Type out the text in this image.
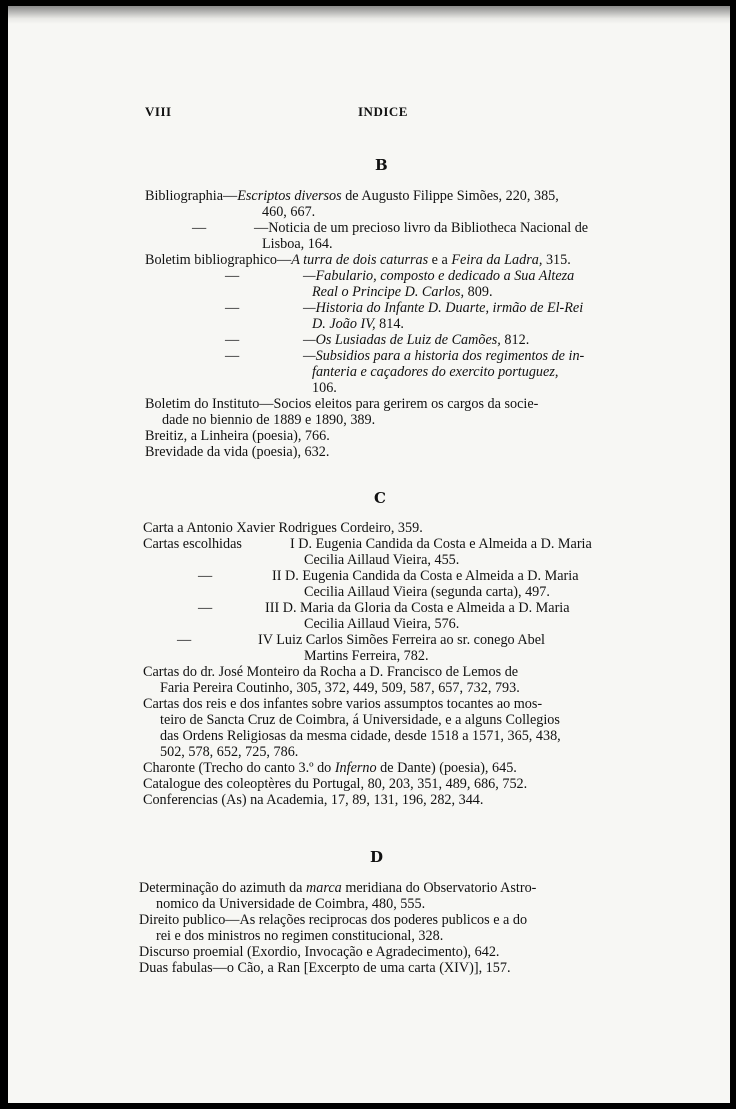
VIII	INDICE
B
Bibliographia—Escriptos diversos de Augusto Filippe Simões, 220, 385,
460, 667.
—	—Noticia de um precioso livro da Bibliotheca Nacional de
Lisboa, 164.
Boletim bibliographico—A turra de dois caturras e a Feira da Ladra, 315.
—	—Fabulario, composto e dedicado a Sua Alteza
Real o Principe D. Carlos, 809.
—	—Historia do Infante D. Duarte, irmão de El-Rei
D. João IV, 814.
—	—Os Lusiadas de Luiz de Camões, 812.
—	—Subsidios para a historia dos regimentos de in-
fanteria e caçadores do exercito portuguez,
106.
Boletim do Instituto—Socios eleitos para gerirem os cargos da socie-
dade no biennio de 1889 e 1890, 389.
Breitiz, a Linheira (poesia), 766.
Brevidade da vida (poesia), 632.
C
Carta a Antonio Xavier Rodrigues Cordeiro, 359.
Cartas escolhidas	I D. Eugenia Candida da Costa e Almeida a D. Maria
Cecilia Aillaud Vieira, 455.
—	II D. Eugenia Candida da Costa e Almeida a D. Maria
Cecilia Aillaud Vieira (segunda carta), 497.
—	III D. Maria da Gloria da Costa e Almeida a D. Maria
Cecilia Aillaud Vieira, 576.
—	IV Luiz Carlos Simões Ferreira ao sr. conego Abel
Martins Ferreira, 782.
Cartas do dr. José Monteiro da Rocha a D. Francisco de Lemos de
Faria Pereira Coutinho, 305, 372, 449, 509, 587, 657, 732, 793.
Cartas dos reis e dos infantes sobre varios assumptos tocantes ao mos-
teiro de Sancta Cruz de Coimbra, á Universidade, e a alguns Collegios
das Ordens Religiosas da mesma cidade, desde 1518 a 1571, 365, 438,
502, 578, 652, 725, 786.
Charonte (Trecho do canto 3.º do Inferno de Dante) (poesia), 645.
Catalogue des coleoptères du Portugal, 80, 203, 351, 489, 686, 752.
Conferencias (As) na Academia, 17, 89, 131, 196, 282, 344.
D
Determinação do azimuth da marca meridiana do Observatorio Astro-
nomico da Universidade de Coimbra, 480, 555.
Direito publico—As relações reciprocas dos poderes publicos e a do
rei e dos ministros no regimen constitucional, 328.
Discurso proemial (Exordio, Invocação e Agradecimento), 642.
Duas fabulas—o Cão, a Ran [Excerpto de uma carta (XIV)], 157.
